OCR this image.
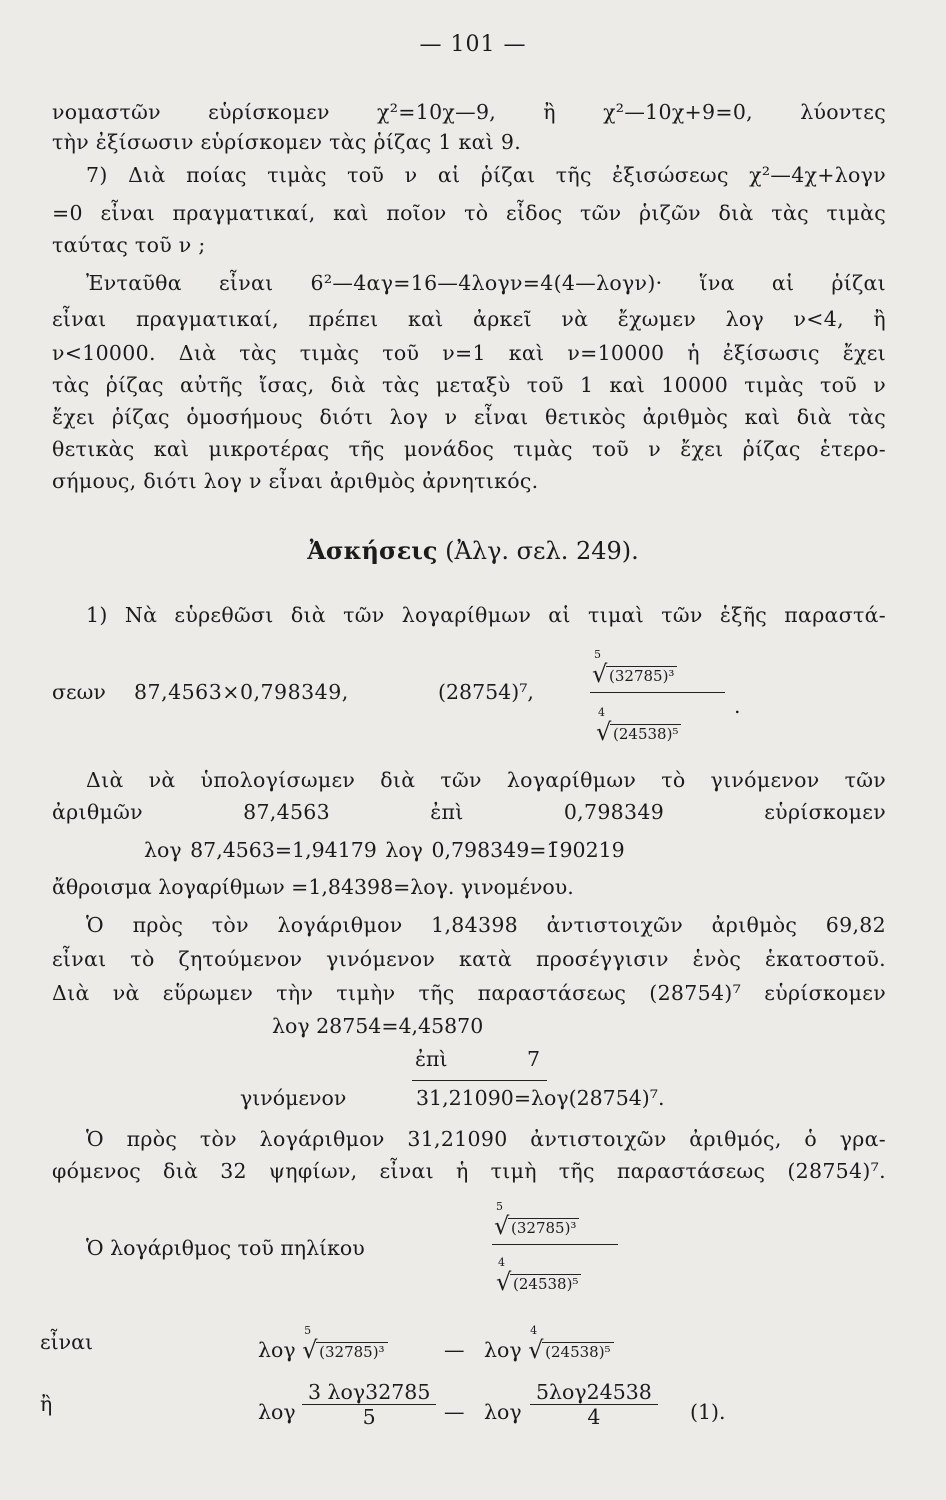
— 101 —
νομαστῶν εὑρίσκομεν χ²=10χ—9, ἢ χ²—10χ+9=0, λύοντες
τὴν ἐξίσωσιν εὑρίσκομεν τὰς ῥίζας 1 καὶ 9.
7) Διὰ ποίας τιμὰς τοῦ ν αἱ ῥίζαι τῆς ἐξισώσεως χ²—4χ+λογν
=0 εἶναι πραγματικαί, καὶ ποῖον τὸ εἶδος τῶν ῥιζῶν διὰ τὰς τιμὰς
ταύτας τοῦ ν ;
Ἐνταῦθα εἶναι 6²—4αγ=16—4λογν=4(4—λογν)· ἵνα αἱ ῥίζαι
εἶναι πραγματικαί, πρέπει καὶ ἀρκεῖ νὰ ἔχωμεν λογ ν<4, ἢ
ν<10000. Διὰ τὰς τιμὰς τοῦ ν=1 καὶ ν=10000 ἡ ἐξίσωσις ἔχει
τὰς ῥίζας αὐτῆς ἴσας, διὰ τὰς μεταξὺ τοῦ 1 καὶ 10000 τιμὰς τοῦ ν
ἔχει ῥίζας ὁμοσήμους διότι λογ ν εἶναι θετικὸς ἀριθμὸς καὶ διὰ τὰς
θετικὰς καὶ μικροτέρας τῆς μονάδος τιμὰς τοῦ ν ἔχει ῥίζας ἑτερο-
σήμους, διότι λογ ν εἶναι ἀριθμὸς ἀρνητικός.
Ἀσκήσεις (Ἀλγ. σελ. 249).
1) Νὰ εὑρεθῶσι διὰ τῶν λογαρίθμων αἱ τιμαὶ τῶν ἑξῆς παραστά-
σεων 87,4563×0,798349,	(28754)⁷,
√ 5
(32785)³
√ 4
(24538)⁵
.
Διὰ νὰ ὑπολογίσωμεν διὰ τῶν λογαρίθμων τὸ γινόμενον τῶν
ἀριθμῶν 87,4563 ἐπὶ 0,798349 εὑρίσκομεν
λογ 87,4563=1,94179 λογ 0,798349=1̄90219
ἄθροισμα λογαρίθμων =1,84398=λογ. γινομένου.
Ὁ πρὸς τὸν λογάριθμον 1,84398 ἀντιστοιχῶν ἀριθμὸς 69,82
εἶναι τὸ ζητούμενον γινόμενον κατὰ προσέγγισιν ἑνὸς ἑκατοστοῦ.
Διὰ νὰ εὕρωμεν τὴν τιμὴν τῆς παραστάσεως (28754)⁷ εὑρίσκομεν
λογ 28754=4,45870
ἐπὶ	7
γινόμενον	31,21090=λογ(28754)⁷.
Ὁ πρὸς τὸν λογάριθμον 31,21090 ἀντιστοιχῶν ἀριθμός, ὁ γρα-
φόμενος διὰ 32 ψηφίων, εἶναι ἡ τιμὴ τῆς παραστάσεως (28754)⁷.
Ὁ λογάριθμος τοῦ πηλίκου
√ 5
(32785)³
√ 4
(24538)⁵
εἶναι	λογ
√ 5
(32785)³	— λογ
√ 4
(24538)⁵
ἢ	λογ $\frac{\text{3 λογ32785}}{5}$ — λογ $\frac{\text{5λογ24538}}{4} (1)$.
